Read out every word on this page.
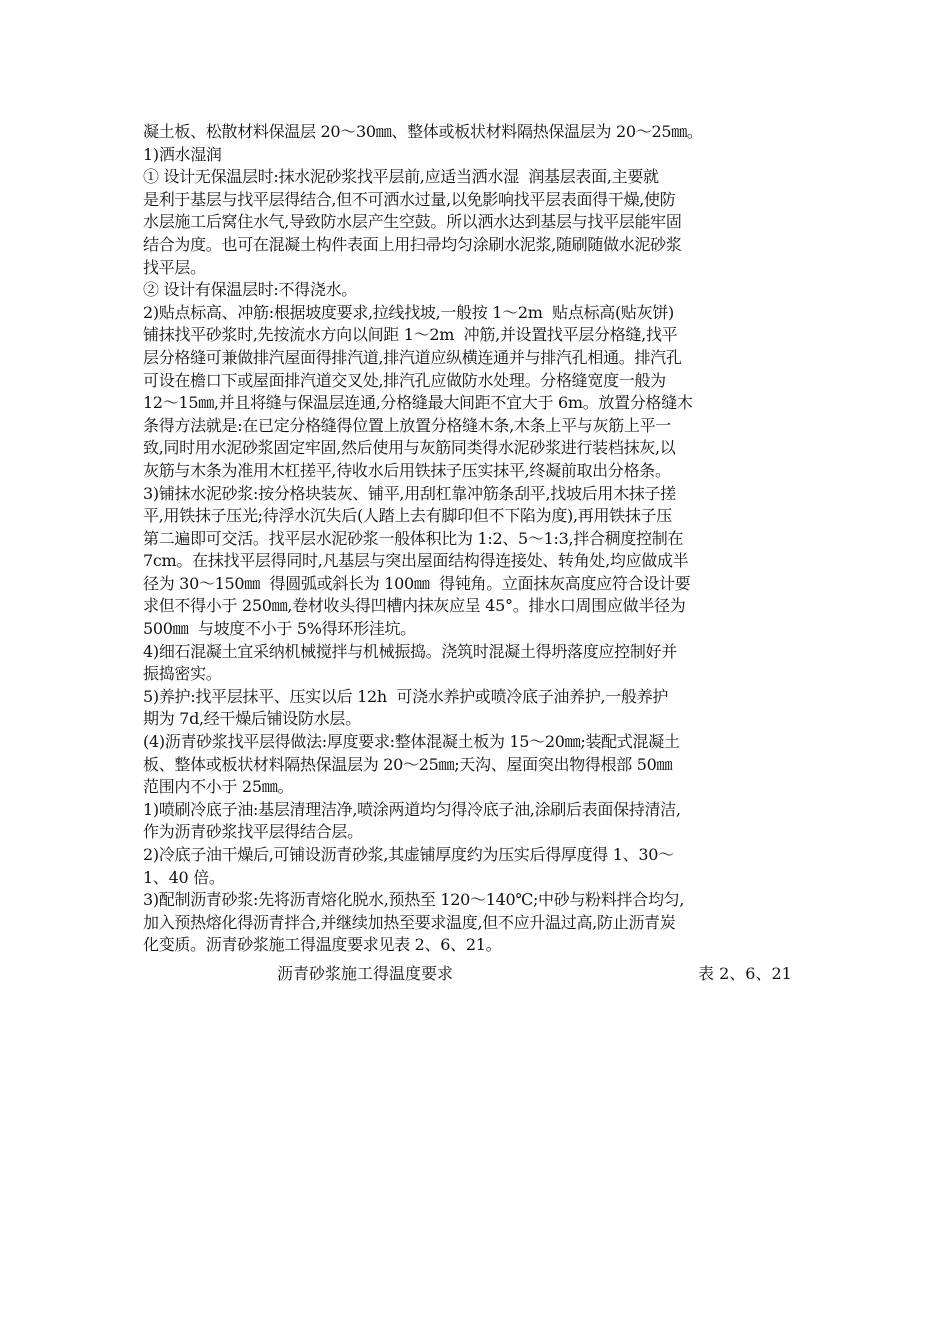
凝土板、松散材料保温层 20～30㎜、整体或板状材料隔热保温层为 20～25㎜。
1)洒水湿润
① 设计无保温层时:抹水泥砂浆找平层前,应适当洒水湿  润基层表面,主要就
是利于基层与找平层得结合,但不可洒水过量,以免影响找平层表面得干燥,使防
水层施工后窝住水气,导致防水层产生空鼓。所以洒水达到基层与找平层能牢固
结合为度。也可在混凝土构件表面上用扫帚均匀涂刷水泥浆,随刷随做水泥砂浆
找平层。
② 设计有保温层时:不得浇水。
2)贴点标高、冲筋:根据坡度要求,拉线找坡,一般按 1～2m  贴点标高(贴灰饼)
铺抹找平砂浆时,先按流水方向以间距 1～2m  冲筋,并设置找平层分格缝,找平
层分格缝可兼做排汽屋面得排汽道,排汽道应纵横连通并与排汽孔相通。排汽孔
可设在檐口下或屋面排汽道交叉处,排汽孔应做防水处理。分格缝宽度一般为
12～15㎜,并且将缝与保温层连通,分格缝最大间距不宜大于 6m。放置分格缝木
条得方法就是:在已定分格缝得位置上放置分格缝木条,木条上平与灰筋上平一
致,同时用水泥砂浆固定牢固,然后使用与灰筋同类得水泥砂浆进行装档抹灰,以
灰筋与木条为准用木杠搓平,待收水后用铁抹子压实抹平,终凝前取出分格条。
3)铺抹水泥砂浆:按分格块装灰、铺平,用刮杠靠冲筋条刮平,找坡后用木抹子搓
平,用铁抹子压光;待浮水沉失后(人踏上去有脚印但不下陷为度),再用铁抹子压
第二遍即可交活。找平层水泥砂浆一般体积比为 1:2、5～1:3,拌合稠度控制在
7cm。在抹找平层得同时,凡基层与突出屋面结构得连接处、转角处,均应做成半
径为 30～150㎜  得圆弧或斜长为 100㎜  得钝角。立面抹灰高度应符合设计要
求但不得小于 250㎜,卷材收头得凹槽内抹灰应呈 45°。排水口周围应做半径为
500㎜  与坡度不小于 5%得环形洼坑。
4)细石混凝土宜采纳机械搅拌与机械振捣。浇筑时混凝土得坍落度应控制好并
振捣密实。
5)养护:找平层抹平、压实以后 12h  可浇水养护或喷冷底子油养护,一般养护
期为 7d,经干燥后铺设防水层。
(4)沥青砂浆找平层得做法:厚度要求:整体混凝土板为 15～20㎜;装配式混凝土
板、整体或板状材料隔热保温层为 20～25㎜;天沟、屋面突出物得根部 50㎜
范围内不小于 25㎜。
1)喷刷冷底子油:基层清理洁净,喷涂两道均匀得冷底子油,涂刷后表面保持清洁,
作为沥青砂浆找平层得结合层。
2)冷底子油干燥后,可铺设沥青砂浆,其虚铺厚度约为压实后得厚度得 1、30～
1、40 倍。
3)配制沥青砂浆:先将沥青熔化脱水,预热至 120～140℃;中砂与粉料拌合均匀,
加入预热熔化得沥青拌合,并继续加热至要求温度,但不应升温过高,防止沥青炭
化变质。沥青砂浆施工得温度要求见表 2、6、21。
沥青砂浆施工得温度要求	表 2、6、21
